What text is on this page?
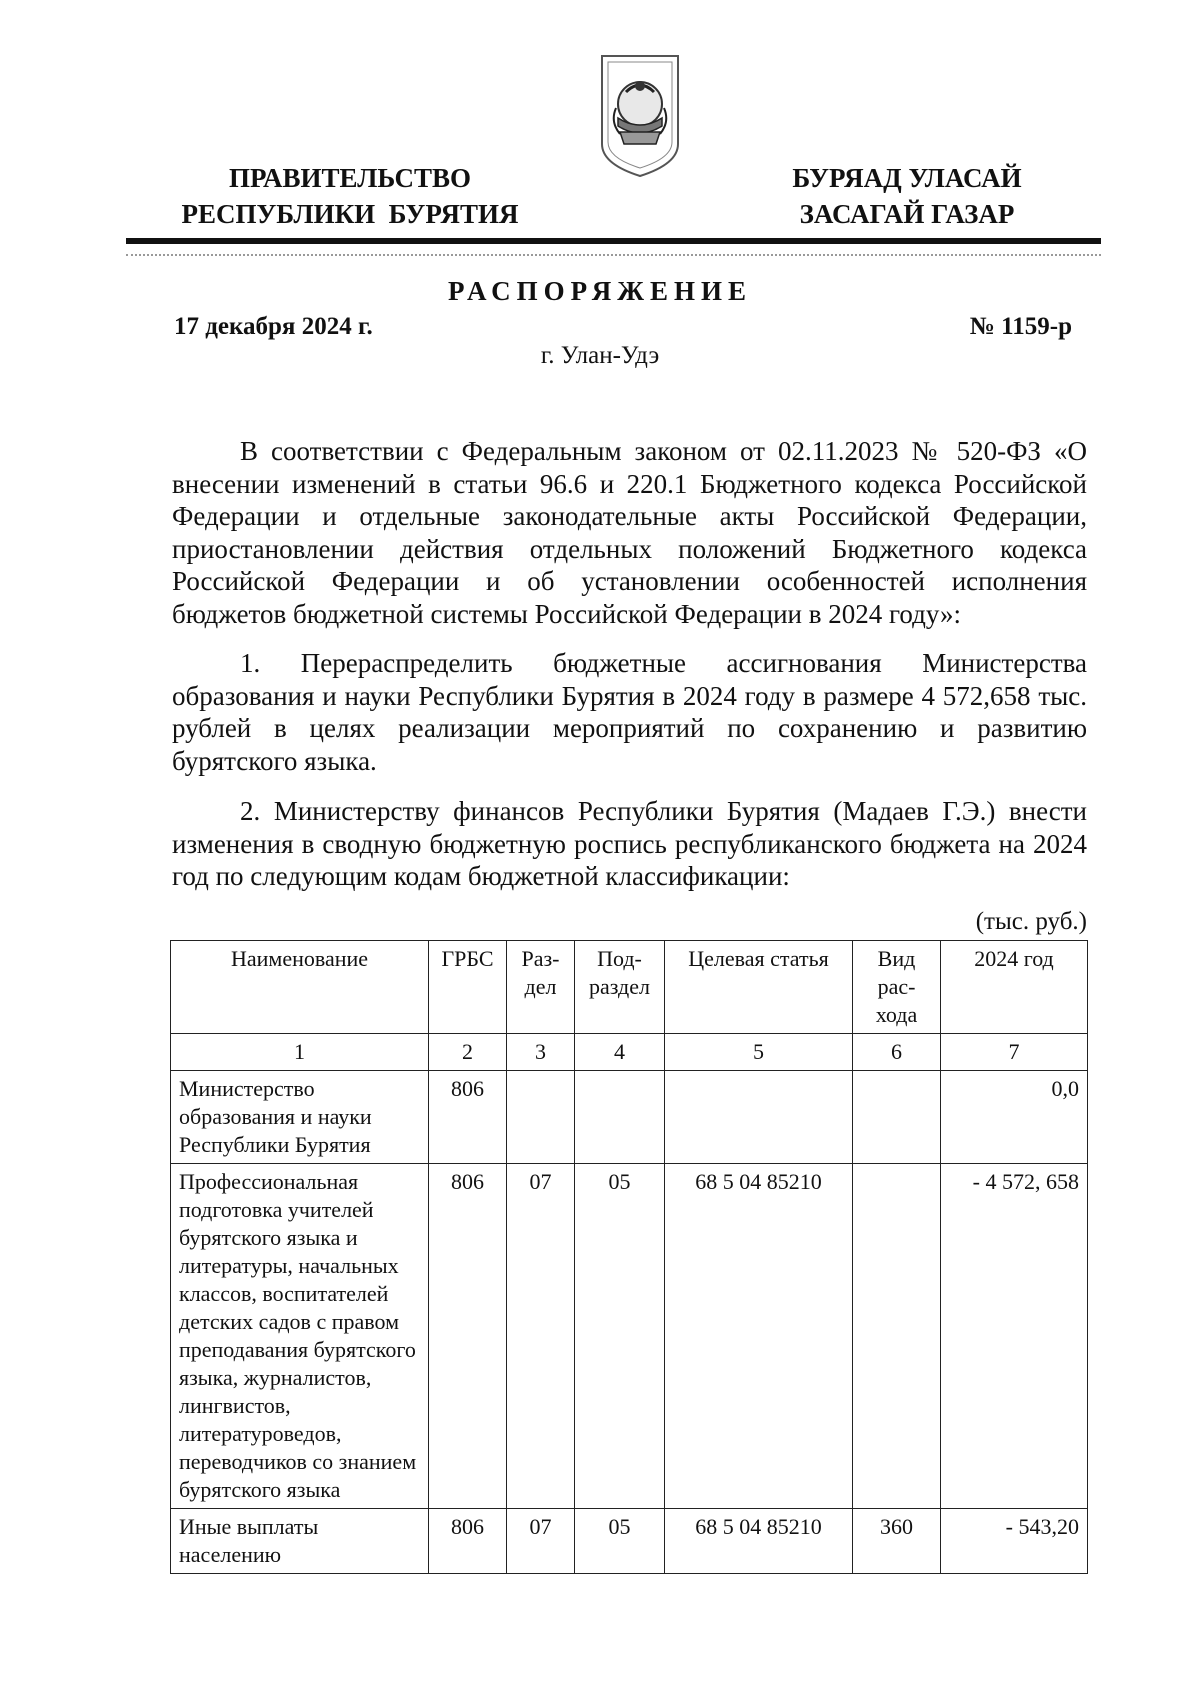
ПРАВИТЕЛЬСТВО
РЕСПУБЛИКИ  БУРЯТИЯ
БУРЯАД УЛАСАЙ
ЗАСАГАЙ ГАЗАР
РАСПОРЯЖЕНИЕ
17 декабря 2024 г.	№ 1159-р
г. Улан-Удэ

В соответствии с Федеральным законом от 02.11.2023 № 520-ФЗ «О внесении изменений в статьи 96.6 и 220.1 Бюджетного кодекса Российской Федерации и отдельные законодательные акты Российской Федерации, приостановлении действия отдельных положений Бюджетного кодекса Российской Федерации и об установлении особенностей исполнения бюджетов бюджетной системы Российской Федерации в 2024 году»:

1. Перераспределить бюджетные ассигнования Министерства образования и науки Республики Бурятия в 2024 году в размере 4 572,658 тыс. рублей в целях реализации мероприятий по сохранению и развитию бурятского языка.

2. Министерству финансов Республики Бурятия (Мадаев Г.Э.) внести изменения в сводную бюджетную роспись республиканского бюджета на 2024 год по следующим кодам бюджетной классификации:

(тыс. руб.)
Наименование	ГРБС	Раз-дел	Под-раздел	Целевая статья	Вид рас-хода	2024 год
1	2	3	4	5	6	7
Министерство образования и науки Республики Бурятия	806					0,0
Профессиональная подготовка учителей бурятского языка и литературы, начальных классов, воспитателей детских садов с правом преподавания бурятского языка, журналистов, лингвистов, литературоведов, переводчиков со знанием бурятского языка	806	07	05	68 5 04 85210		- 4 572, 658
Иные выплаты населению	806	07	05	68 5 04 85210	360	- 543,20
